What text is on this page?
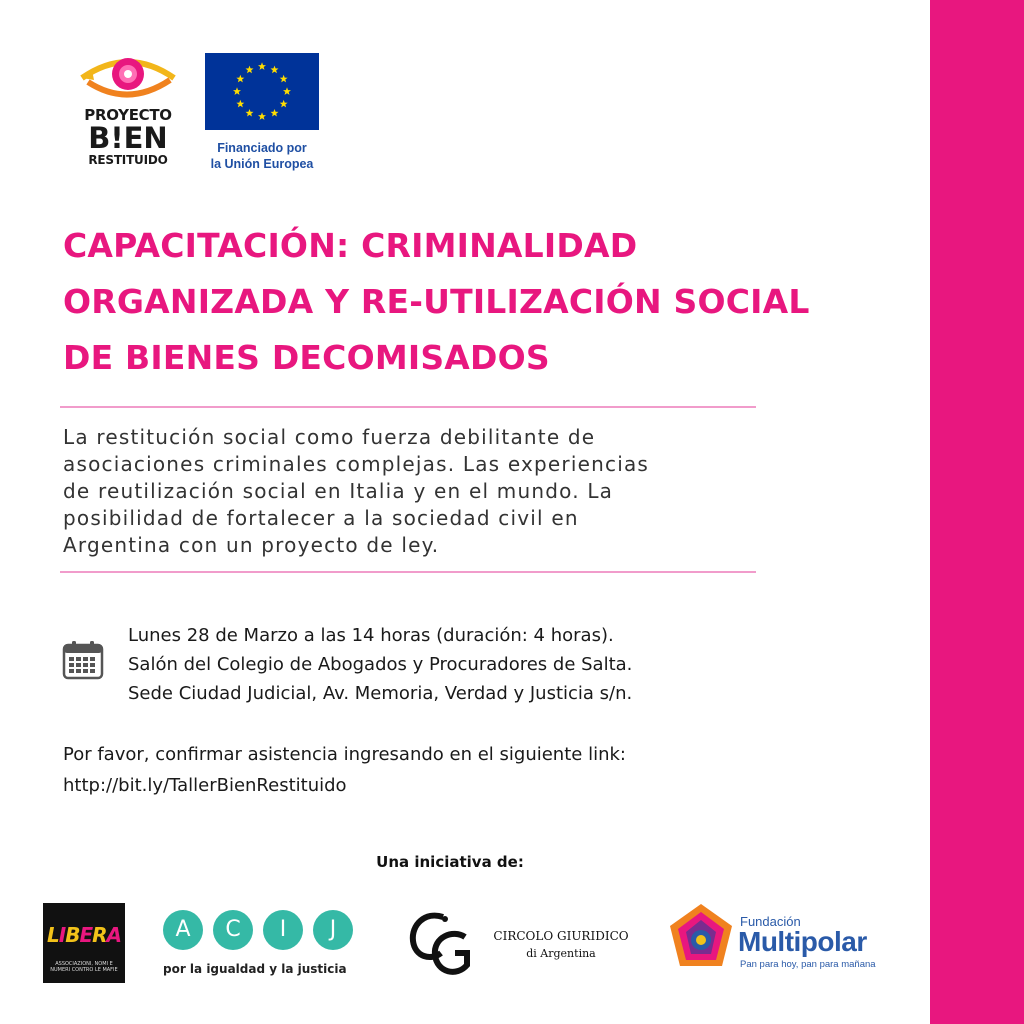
PROYECTO
B!EN
RESTITUIDO
Financiado por
la Unión Europea
CAPACITACIÓN: CRIMINALIDAD
ORGANIZADA Y RE-UTILIZACIÓN SOCIAL
DE BIENES DECOMISADOS
La restitución social como fuerza debilitante de
asociaciones criminales complejas. Las experiencias
de reutilización social en Italia y en el mundo. La
posibilidad de fortalecer a la sociedad civil en
Argentina con un proyecto de ley.
Lunes 28 de Marzo a las 14 horas (duración: 4 horas).
Salón del Colegio de Abogados y Procuradores de Salta.
Sede Ciudad Judicial, Av. Memoria, Verdad y Justicia s/n.
Por favor, confirmar asistencia ingresando en el siguiente link:
http://bit.ly/TallerBienRestituido
Una iniciativa de:
LIBERA
ASSOCIAZIONI, NOMI E NUMERI CONTRO LE MAFIE
A	C	I	J
por la igualdad y la justicia
CIRCOLO GIURIDICO
di Argentina
Fundación
Multipolar
Pan para hoy, pan para mañana
